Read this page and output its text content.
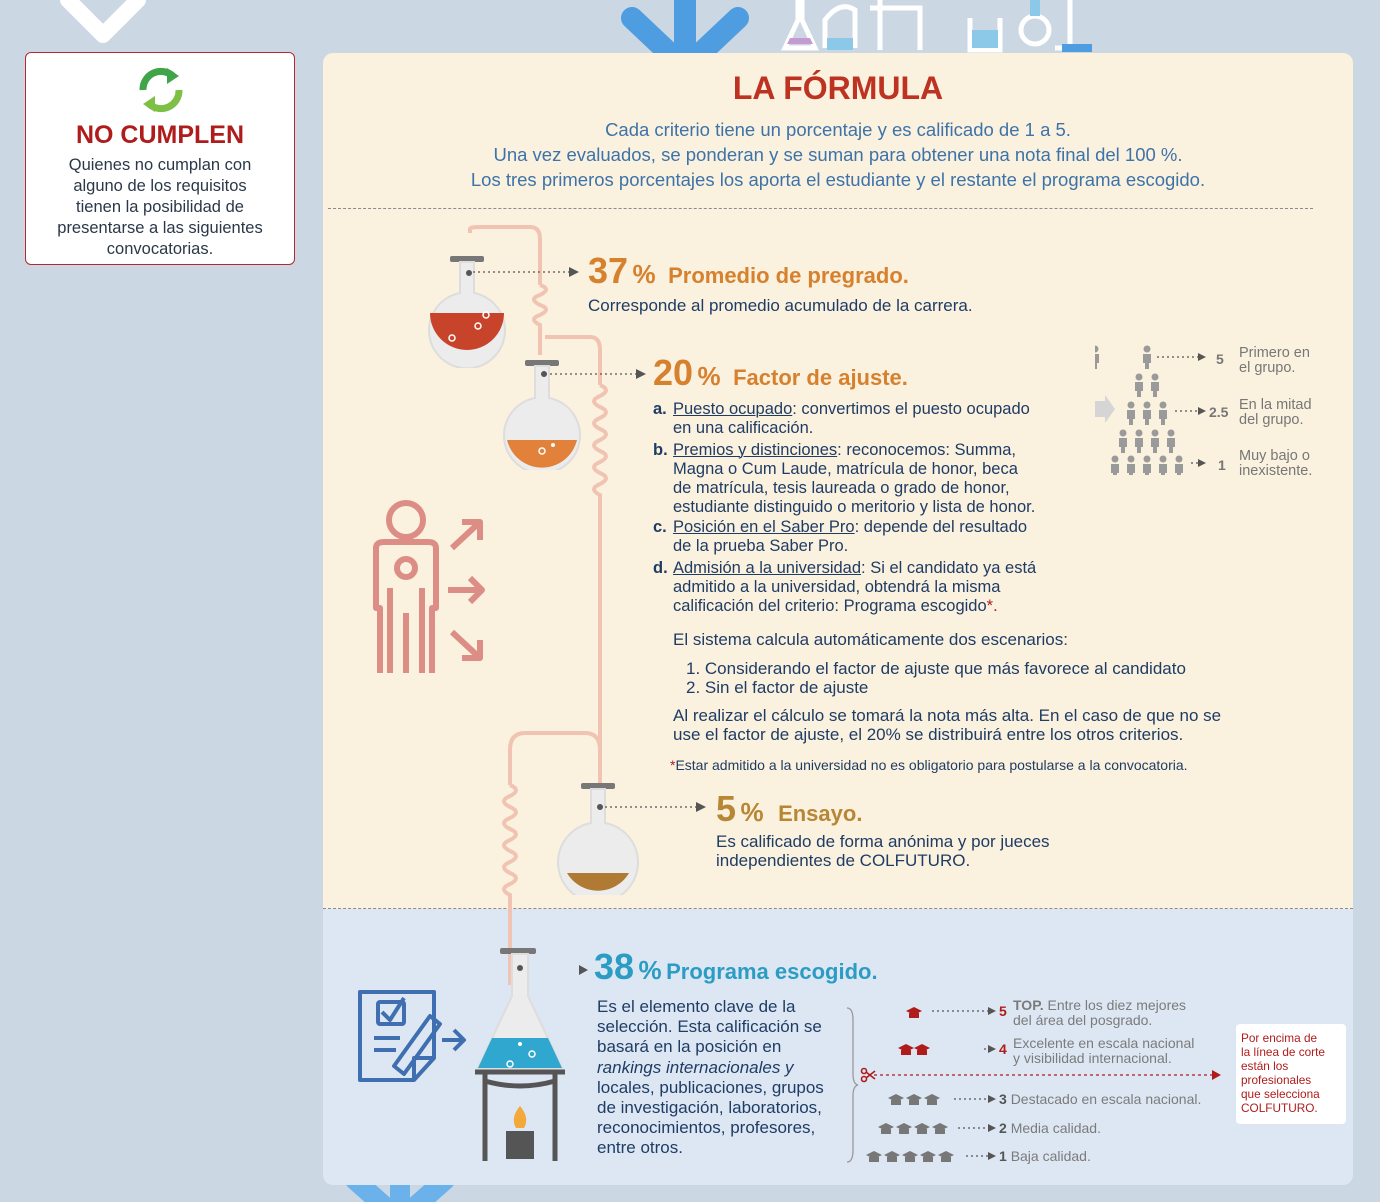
NO CUMPLEN
Quienes no cumplan con
alguno de los requisitos
tienen la posibilidad de
presentarse a las siguientes
convocatorias.
LA FÓRMULA
Cada criterio tiene un porcentaje y es calificado de 1 a 5.
Una vez evaluados, se ponderan y se suman para obtener una nota final del 100 %.
Los tres primeros porcentajes los aporta el estudiante y el restante el programa escogido.
37 % Promedio de pregrado.
Corresponde al promedio acumulado de la carrera.
20 % Factor de ajuste.
a. Puesto ocupado: convertimos el puesto ocupado
en una calificación.
b. Premios y distinciones: reconocemos: Summa,
Magna o Cum Laude, matrícula de honor, beca
de matrícula, tesis laureada o grado de honor,
estudiante distinguido o meritorio y lista de honor.
c. Posición en el Saber Pro: depende del resultado
de la prueba Saber Pro.
d. Admisión a la universidad: Si el candidato ya está
admitido a la universidad, obtendrá la misma
calificación del criterio: Programa escogido*.
El sistema calcula automáticamente dos escenarios:
1. Considerando el factor de ajuste que más favorece al candidato
2. Sin el factor de ajuste
Al realizar el cálculo se tomará la nota más alta. En el caso de que no se
use el factor de ajuste, el 20% se distribuirá entre los otros criterios.
*Estar admitido a la universidad no es obligatorio para postularse a la convocatoria.
5
2.5
1
Primero en
el grupo.
En la mitad
del grupo.
Muy bajo o
inexistente.
5 % Ensayo.
Es calificado de forma anónima y por jueces
independientes de COLFUTURO.
38 % Programa escogido.
Es el elemento clave de la
selección. Esta calificación se
basará en la posición en
rankings internacionales y
locales, publicaciones, grupos
de investigación, laboratorios,
reconocimientos, profesores,
entre otros.
5 TOP. Entre los diez mejores
del área del posgrado.
4 Excelente en escala nacional
y visibilidad internacional.
3 Destacado en escala nacional.
2 Media calidad.
1 Baja calidad.
Por encima de
la línea de corte
están los
profesionales
que selecciona
COLFUTURO.
